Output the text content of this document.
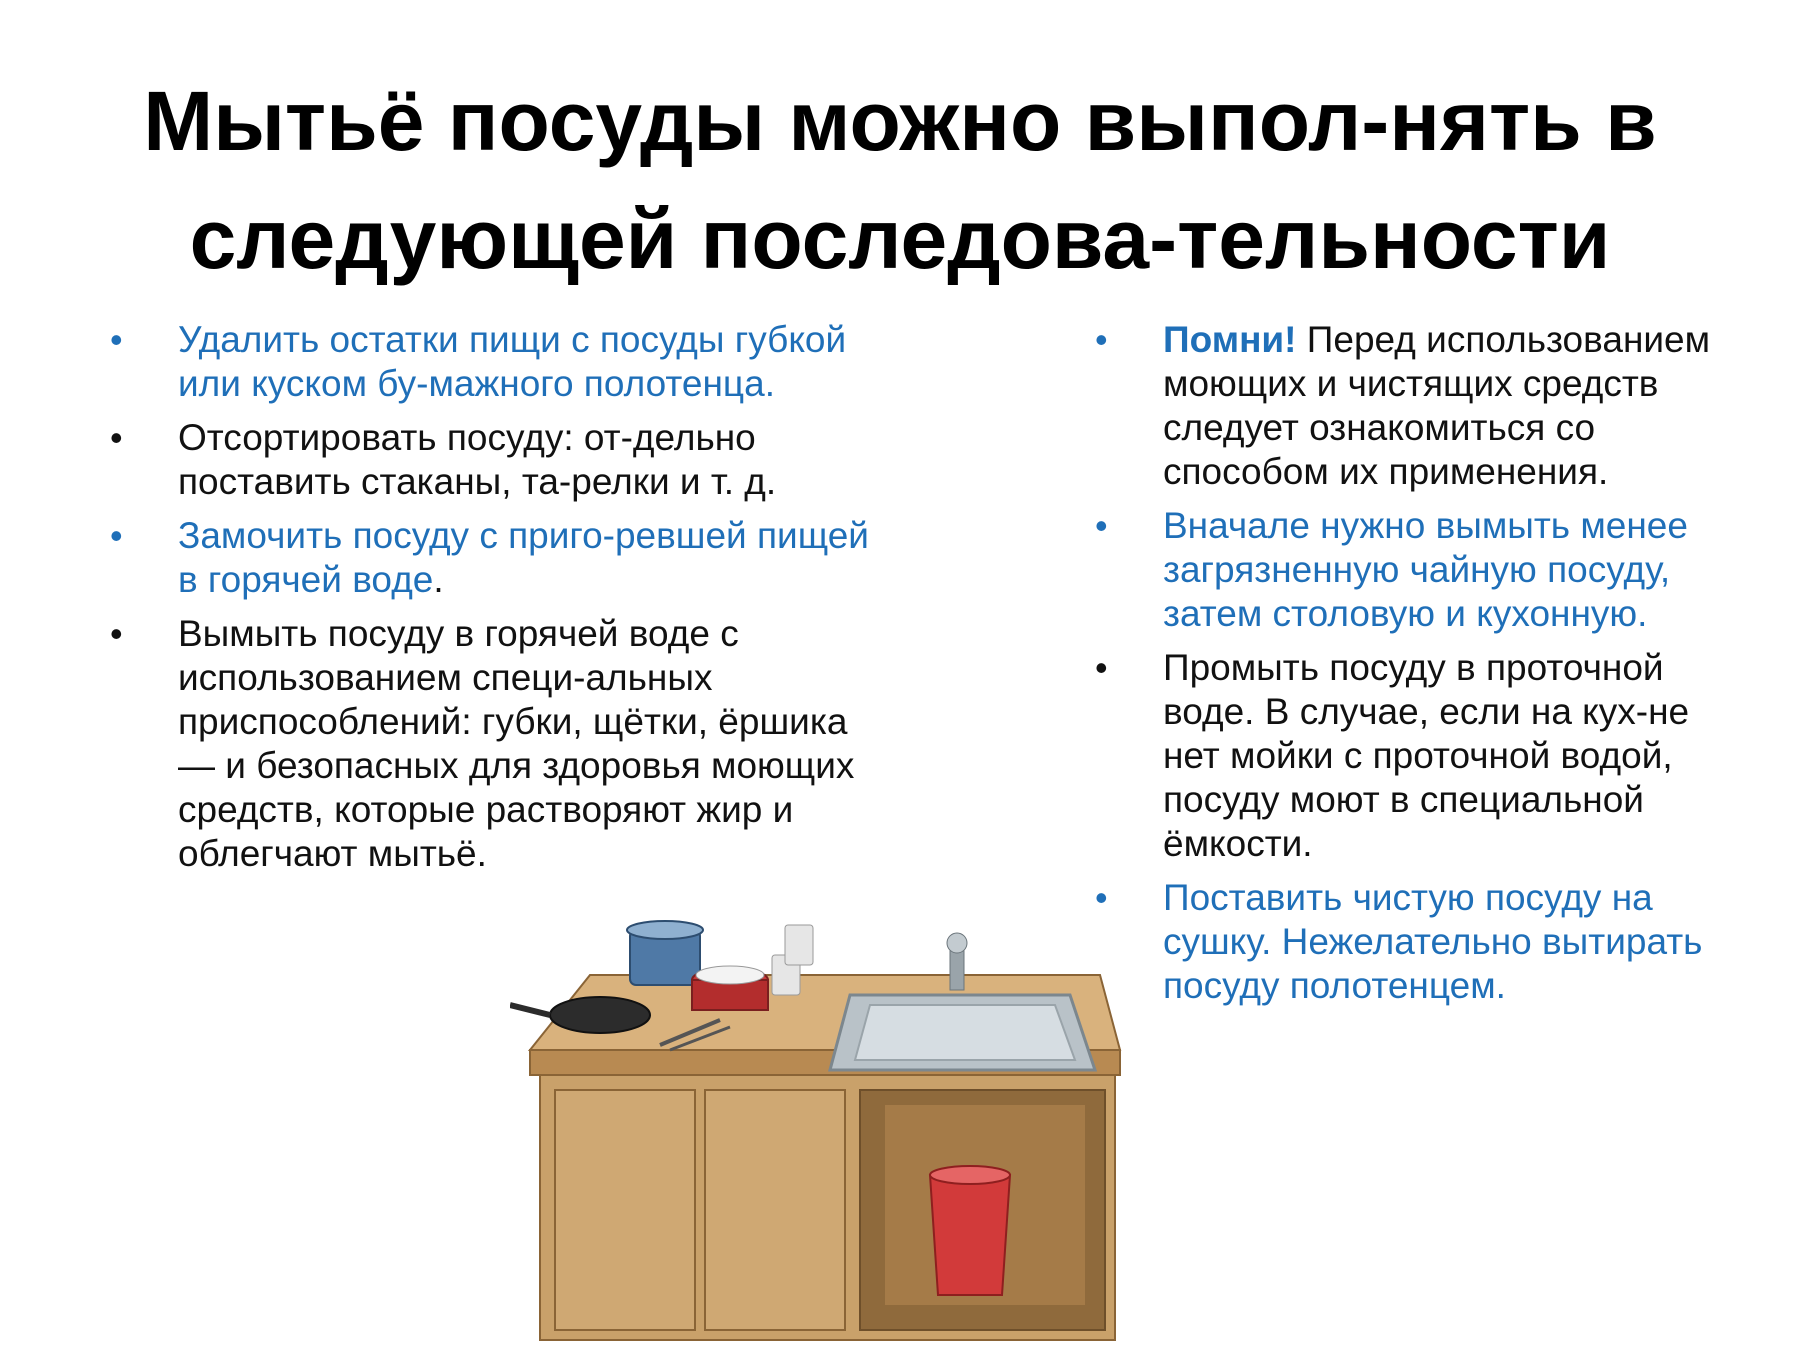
Мытьё посуды можно выпол-нять в
следующей последова-тельности
• Удалить остатки пищи с посуды губкой или куском бу-мажного полотенца.
• Отсортировать посуду: от-дельно поставить стаканы, та-релки и т. д.
• Замочить посуду с приго-ревшей пищей в горячей воде.
• Вымыть посуду в горячей воде с использованием специ-альных приспособлений: губки, щётки, ёршика — и безопасных для здоровья моющих средств, которые растворяют жир и облегчают мытьё.
• Помни! Перед использованием моющих и чистящих средств следует ознакомиться со способом их применения.
• Вначале нужно вымыть менее загрязненную чайную посуду, затем столовую и кухонную.
• Промыть посуду в проточной воде. В случае, если на кух-не нет мойки с проточной водой, посуду моют в специальной ёмкости.
• Поставить чистую посуду на сушку. Нежелательно вытирать посуду полотенцем.
